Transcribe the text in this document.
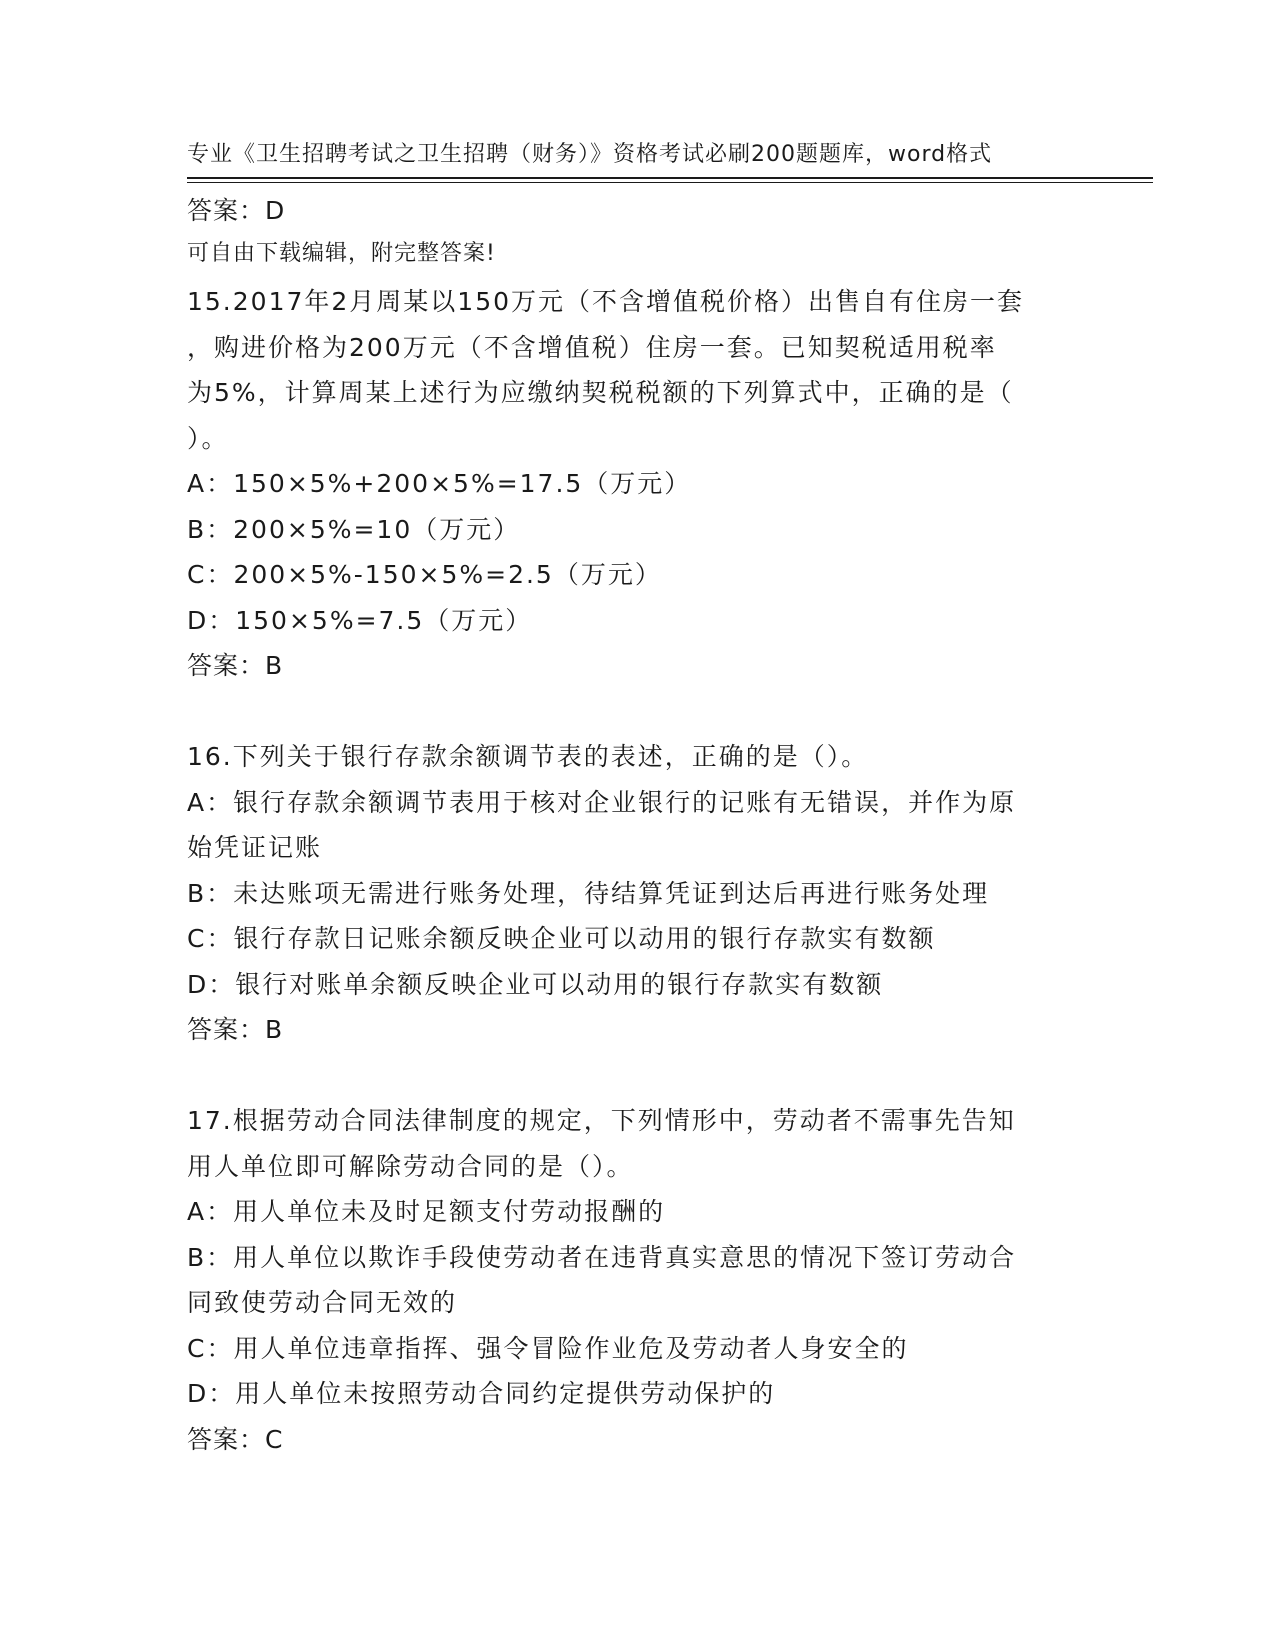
专业《卫生招聘考试之卫生招聘（财务）》资格考试必刷200题题库，word格式

可自由下载编辑，附完整答案!

答案：D
15.2017年2月周某以150万元（不含增值税价格）出售自有住房一套
，购进价格为200万元（不含增值税）住房一套。已知契税适用税率
为5%，计算周某上述行为应缴纳契税税额的下列算式中，正确的是（
）。
A：150×5%+200×5%=17.5（万元）
B：200×5%=10（万元）
C：200×5%-150×5%=2.5（万元）
D：150×5%=7.5（万元）
答案：B
16.下列关于银行存款余额调节表的表述，正确的是（）。
A：银行存款余额调节表用于核对企业银行的记账有无错误，并作为原
始凭证记账
B：未达账项无需进行账务处理，待结算凭证到达后再进行账务处理
C：银行存款日记账余额反映企业可以动用的银行存款实有数额
D：银行对账单余额反映企业可以动用的银行存款实有数额
答案：B
17.根据劳动合同法律制度的规定，下列情形中，劳动者不需事先告知
用人单位即可解除劳动合同的是（）。
A：用人单位未及时足额支付劳动报酬的
B：用人单位以欺诈手段使劳动者在违背真实意思的情况下签订劳动合
同致使劳动合同无效的
C：用人单位违章指挥、强令冒险作业危及劳动者人身安全的
D：用人单位未按照劳动合同约定提供劳动保护的
答案：C
